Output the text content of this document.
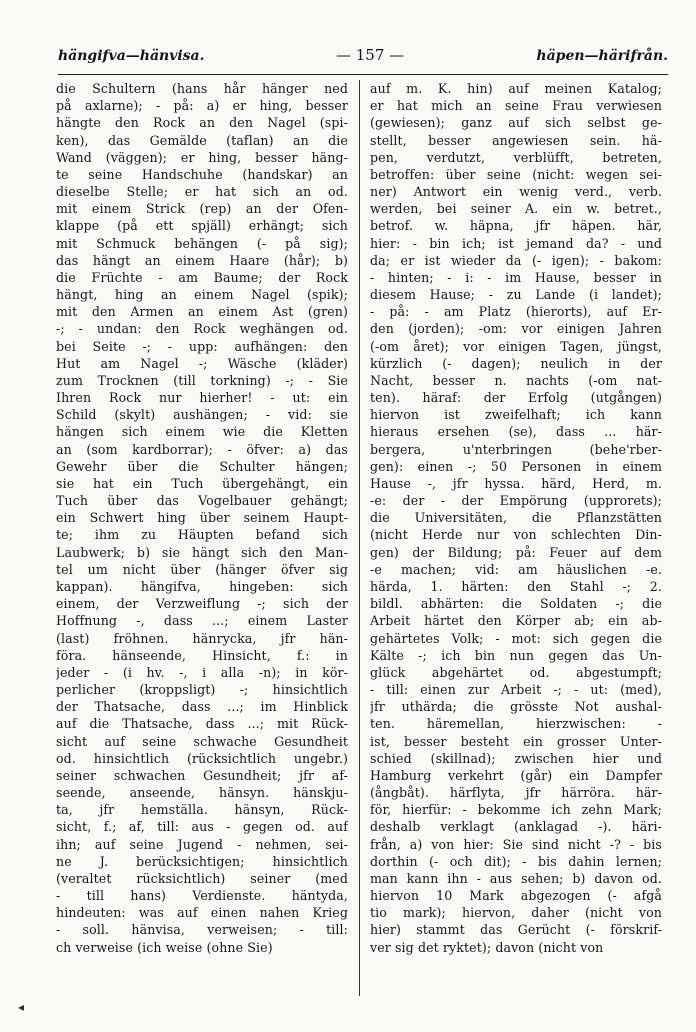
hängifva—hänvisa.	— 157 —	häpen—härifrån.
die Schultern (hans hår hänger ned
på axlarne); - på: a) er hing, besser
hängte den Rock an den Nagel (spi-
ken), das Gemälde (taflan) an die
Wand (väggen); er hing, besser häng-
te seine Handschuhe (handskar) an
dieselbe Stelle; er hat sich an od.
mit einem Strick (rep) an der Ofen-
klappe (på ett spjäll) erhängt; sich
mit Schmuck behängen (- på sig);
das hängt an einem Haare (hår); b)
die Früchte - am Baume; der Rock
hängt, hing an einem Nagel (spik);
mit den Armen an einem Ast (gren)
-; - undan: den Rock weghängen od.
bei Seite -; - upp: aufhängen: den
Hut am Nagel -; Wäsche (kläder)
zum Trocknen (till torkning) -; - Sie
Ihren Rock nur hierher! - ut: ein
Schild (skylt) aushängen; - vid: sie
hängen sich einem wie die Kletten
an (som kardborrar); - öfver: a) das
Gewehr über die Schulter hängen;
sie hat ein Tuch übergehängt, ein
Tuch über das Vogelbauer gehängt;
ein Schwert hing über seinem Haupt-
te; ihm zu Häupten befand sich
Laubwerk; b) sie hängt sich den Man-
tel um nicht über (hänger öfver sig
kappan). hängifva, hingeben: sich
einem, der Verzweiflung -; sich der
Hoffnung -, dass ...; einem Laster
(last) fröhnen. hänrycka, jfr hän-
föra. hänseende, Hinsicht, f.: in
jeder - (i hv. -, i alla -n); in kör-
perlicher (kroppsligt) -; hinsichtlich
der Thatsache, dass ...; im Hinblick
auf die Thatsache, dass ...; mit Rück-
sicht auf seine schwache Gesundheit
od. hinsichtlich (rücksichtlich ungebr.)
seiner schwachen Gesundheit; jfr af-
seende, anseende, hänsyn. hänskju-
ta, jfr hemställa. hänsyn, Rück-
sicht, f.; af, till: aus - gegen od. auf
ihn; auf seine Jugend - nehmen, sei-
ne J. berücksichtigen; hinsichtlich
(veraltet rücksichtlich) seiner (med
- till hans) Verdienste. häntyda,
hindeuten: was auf einen nahen Krieg
- soll. hänvisa, verweisen; - till:
ch verweise (ich weise (ohne Sie)
auf m. K. hin) auf meinen Katalog;
er hat mich an seine Frau verwiesen
(gewiesen); ganz auf sich selbst ge-
stellt, besser angewiesen sein. hä-
pen, verdutzt, verblüfft, betreten,
betroffen: über seine (nicht: wegen sei-
ner) Antwort ein wenig verd., verb.
werden, bei seiner A. ein w. betret.,
betrof. w. häpna, jfr häpen. här,
hier: - bin ich; ist jemand da? - und
da; er ist wieder da (- igen); - bakom:
- hinten; - i: - im Hause, besser in
diesem Hause; - zu Lande (i landet);
- på: - am Platz (hierorts), auf Er-
den (jorden); -om: vor einigen Jahren
(-om året); vor einigen Tagen, jüngst,
kürzlich (- dagen); neulich in der
Nacht, besser n. nachts (-om nat-
ten). häraf: der Erfolg (utgången)
hiervon ist zweifelhaft; ich kann
hieraus ersehen (se), dass ... här-
bergera, u'nterbringen (behe'rber-
gen): einen -; 50 Personen in einem
Hause -, jfr hyssa. härd, Herd, m.
-e: der - der Empörung (upprorets);
die Universitäten, die Pflanzstätten
(nicht Herde nur von schlechten Din-
gen) der Bildung; på: Feuer auf dem
-e machen; vid: am häuslichen -e.
härda, 1. härten: den Stahl -; 2.
bildl. abhärten: die Soldaten -; die
Arbeit härtet den Körper ab; ein ab-
gehärtetes Volk; - mot: sich gegen die
Kälte -; ich bin nun gegen das Un-
glück abgehärtet od. abgestumpft;
- till: einen zur Arbeit -; - ut: (med),
jfr uthärda; die grösste Not aushal-
ten. häremellan, hierzwischen: -
ist, besser besteht ein grosser Unter-
schied (skillnad); zwischen hier und
Hamburg verkehrt (går) ein Dampfer
(ångbåt). härflyta, jfr härröra. här-
för, hierfür: - bekomme ich zehn Mark;
deshalb verklagt (anklagad -). häri-
från, a) von hier: Sie sind nicht -? - bis
dorthin (- och dit); - bis dahin lernen;
man kann ihn - aus sehen; b) davon od.
hiervon 10 Mark abgezogen (- afgå
tio mark); hiervon, daher (nicht von
hier) stammt das Gerücht (- förskrif-
ver sig det ryktet); davon (nicht von
◂
